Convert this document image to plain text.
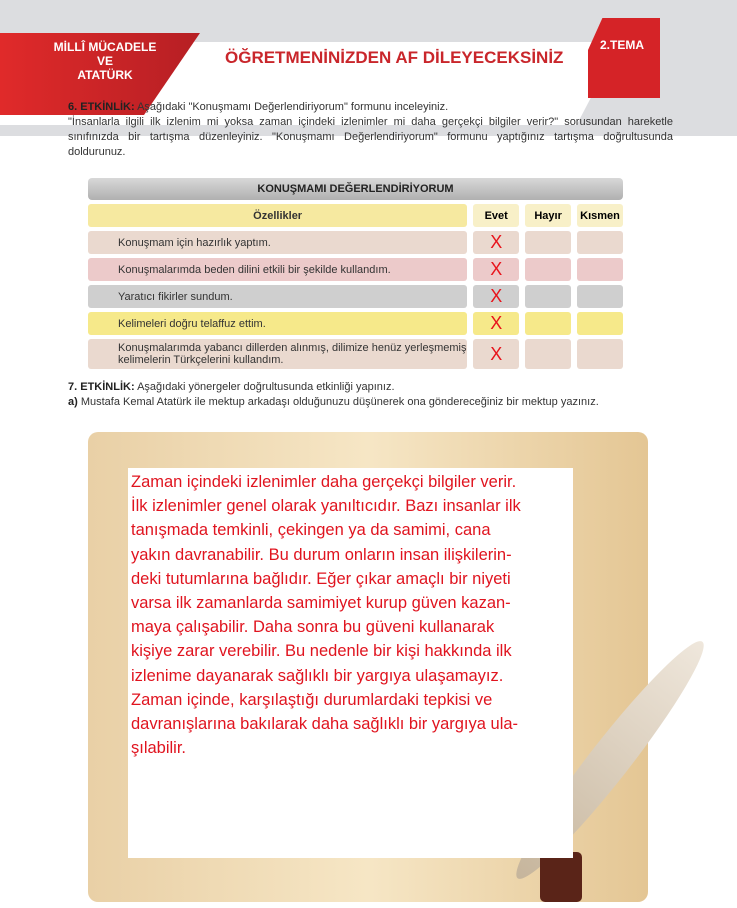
MİLLÎ MÜCADELE
VE
ATATÜRK
ÖĞRETMENİNİZDEN AF DİLEYECEKSİNİZ
2.TEMA
6. ETKİNLİK: Aşağıdaki "Konuşmamı Değerlendiriyorum" formunu inceleyiniz.
"İnsanlarla ilgili ilk izlenim mi yoksa zaman içindeki izlenimler mi daha gerçekçi bilgiler verir?" sorusundan hareketle sınıfınızda bir tartışma düzenleyiniz. "Konuşmamı Değerlendiriyorum" formunu yaptığınız tartışma doğrultusunda doldurunuz.
KONUŞMAMI DEĞERLENDİRİYORUM
Özellikler	Evet	Hayır	Kısmen
Konuşmam için hazırlık yaptım.	X
Konuşmalarımda beden dilini etkili bir şekilde kullandım.	X
Yaratıcı fikirler sundum.	X
Kelimeleri doğru telaffuz ettim.	X
Konuşmalarımda yabancı dillerden alınmış, dilimize henüz yerleşmemiş kelimelerin Türkçelerini kullandım.	X
7. ETKİNLİK: Aşağıdaki yönergeler doğrultusunda etkinliği yapınız.
a) Mustafa Kemal Atatürk ile mektup arkadaşı olduğunuzu düşünerek ona göndereceğiniz bir mektup yazınız.
Zaman içindeki izlenimler daha gerçekçi bilgiler verir.
İlk izlenimler genel olarak yanıltıcıdır. Bazı insanlar ilk
tanışmada temkinli, çekingen ya da samimi, cana
yakın davranabilir. Bu durum onların insan ilişkilerin-
deki tutumlarına bağlıdır. Eğer çıkar amaçlı bir niyeti
varsa ilk zamanlarda samimiyet kurup güven kazan-
maya çalışabilir. Daha sonra bu güveni kullanarak
kişiye zarar verebilir. Bu nedenle bir kişi hakkında ilk
izlenime dayanarak sağlıklı bir yargıya ulaşamayız.
Zaman içinde, karşılaştığı durumlardaki tepkisi ve
davranışlarına bakılarak daha sağlıklı bir yargıya ula-
şılabilir.
